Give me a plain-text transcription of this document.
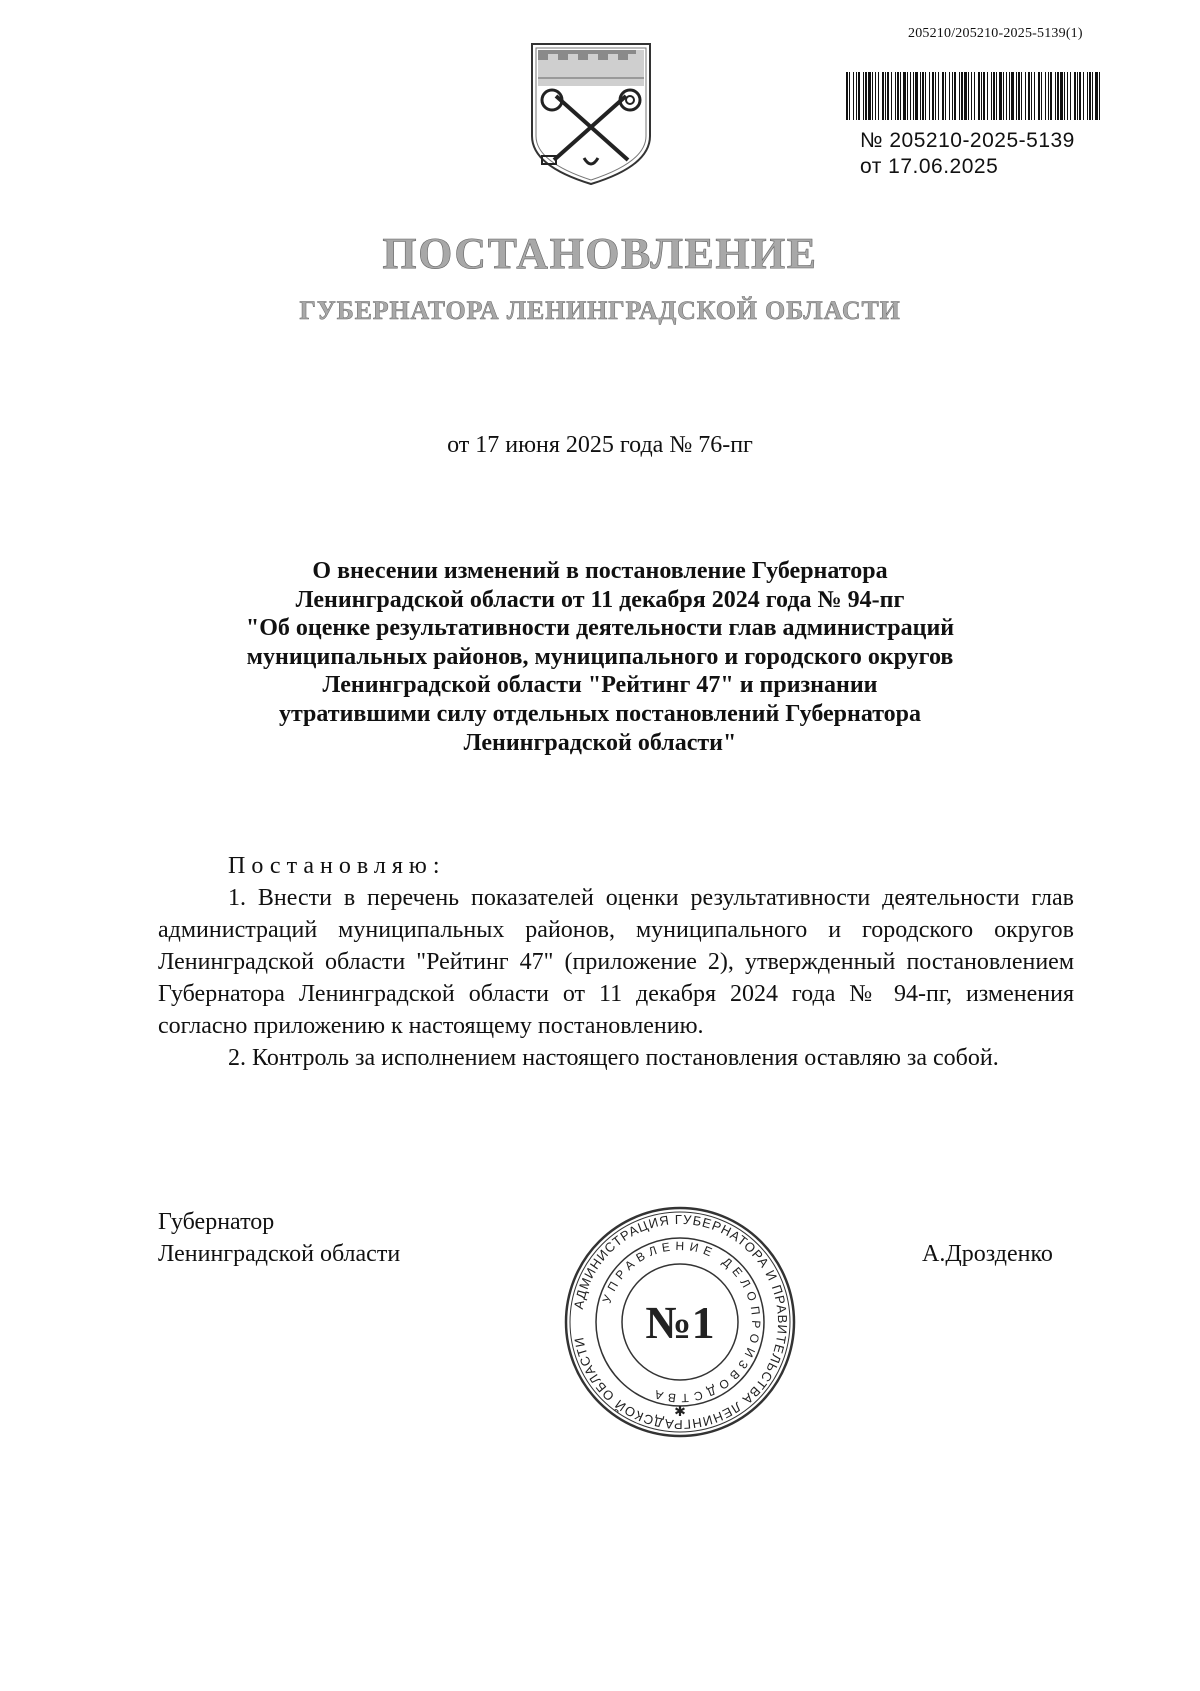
205210/205210-2025-5139(1)
№ 205210-2025-5139
от 17.06.2025
ПОСТАНОВЛЕНИЕ
ГУБЕРНАТОРА ЛЕНИНГРАДСКОЙ ОБЛАСТИ
от 17 июня 2025 года № 76-пг
О внесении изменений в постановление Губернатора
Ленинградской области от 11 декабря 2024 года № 94-пг
"Об оценке результативности деятельности глав администраций
муниципальных районов, муниципального и городского округов
Ленинградской области "Рейтинг 47" и признании
утратившими силу отдельных постановлений Губернатора
Ленинградской области"
Постановляю:

1. Внести в перечень показателей оценки результативности деятельности глав администраций муниципальных районов, муниципального и городского округов Ленинградской области "Рейтинг 47" (приложение 2), утвержденный постановлением Губернатора Ленинградской области от 11 декабря 2024 года № 94-пг, изменения согласно приложению к настоящему постановлению.

2. Контроль за исполнением настоящего постановления оставляю за собой.

Губернатор
Ленинградской области	А.Дрозденко
АДМИНИСТРАЦИЯ ГУБЕРНАТОРА И ПРАВИТЕЛЬСТВА ЛЕНИНГРАДСКОЙ ОБЛАСТИ
УПРАВЛЕНИЕ ДЕЛОПРОИЗВОДСТВА
№1
✱
